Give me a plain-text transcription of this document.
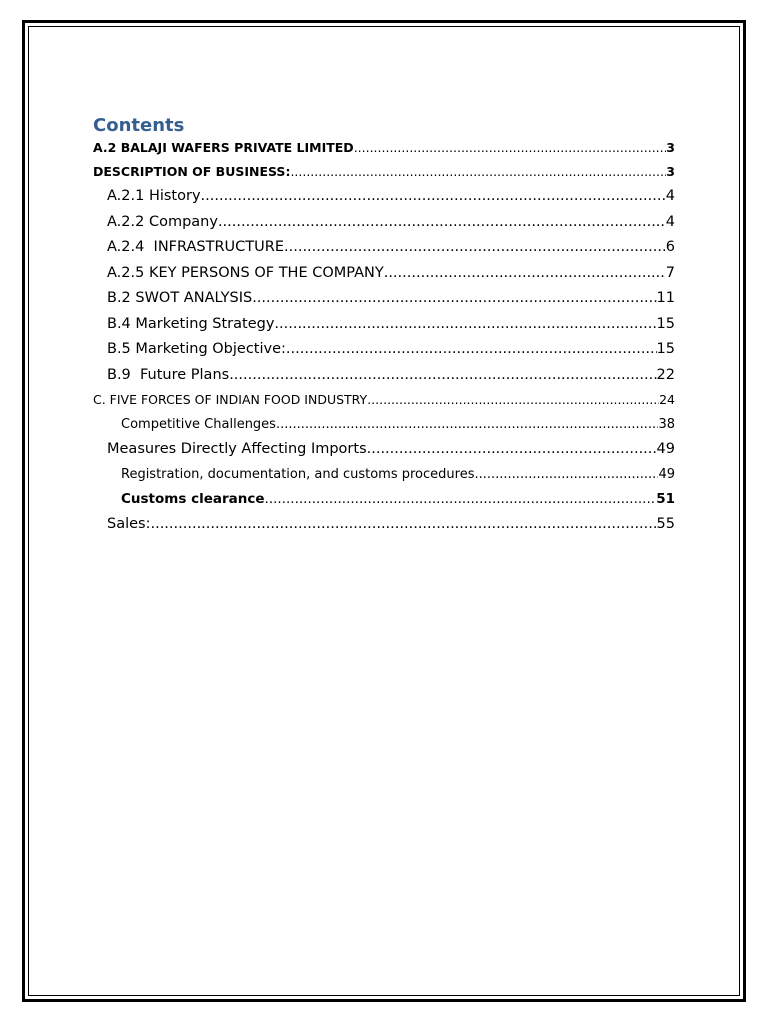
Contents
A.2 BALAJI WAFERS PRIVATE LIMITED .....	3
DESCRIPTION OF BUSINESS: .....	3
A.2.1 History .....	4
A.2.2 Company .....	4
A.2.4  INFRASTRUCTURE .....	6
A.2.5 KEY PERSONS OF THE COMPANY .....	7
B.2 SWOT ANALYSIS .....	11
B.4 Marketing Strategy .....	15
B.5 Marketing Objective: .....	15
B.9  Future Plans .....	22
C. FIVE FORCES OF INDIAN FOOD INDUSTRY .....	24
Competitive Challenges .....	38
Measures Directly Affecting Imports .....	49
Registration, documentation, and customs procedures .....	49
Customs clearance .....	51
Sales: .....	55
